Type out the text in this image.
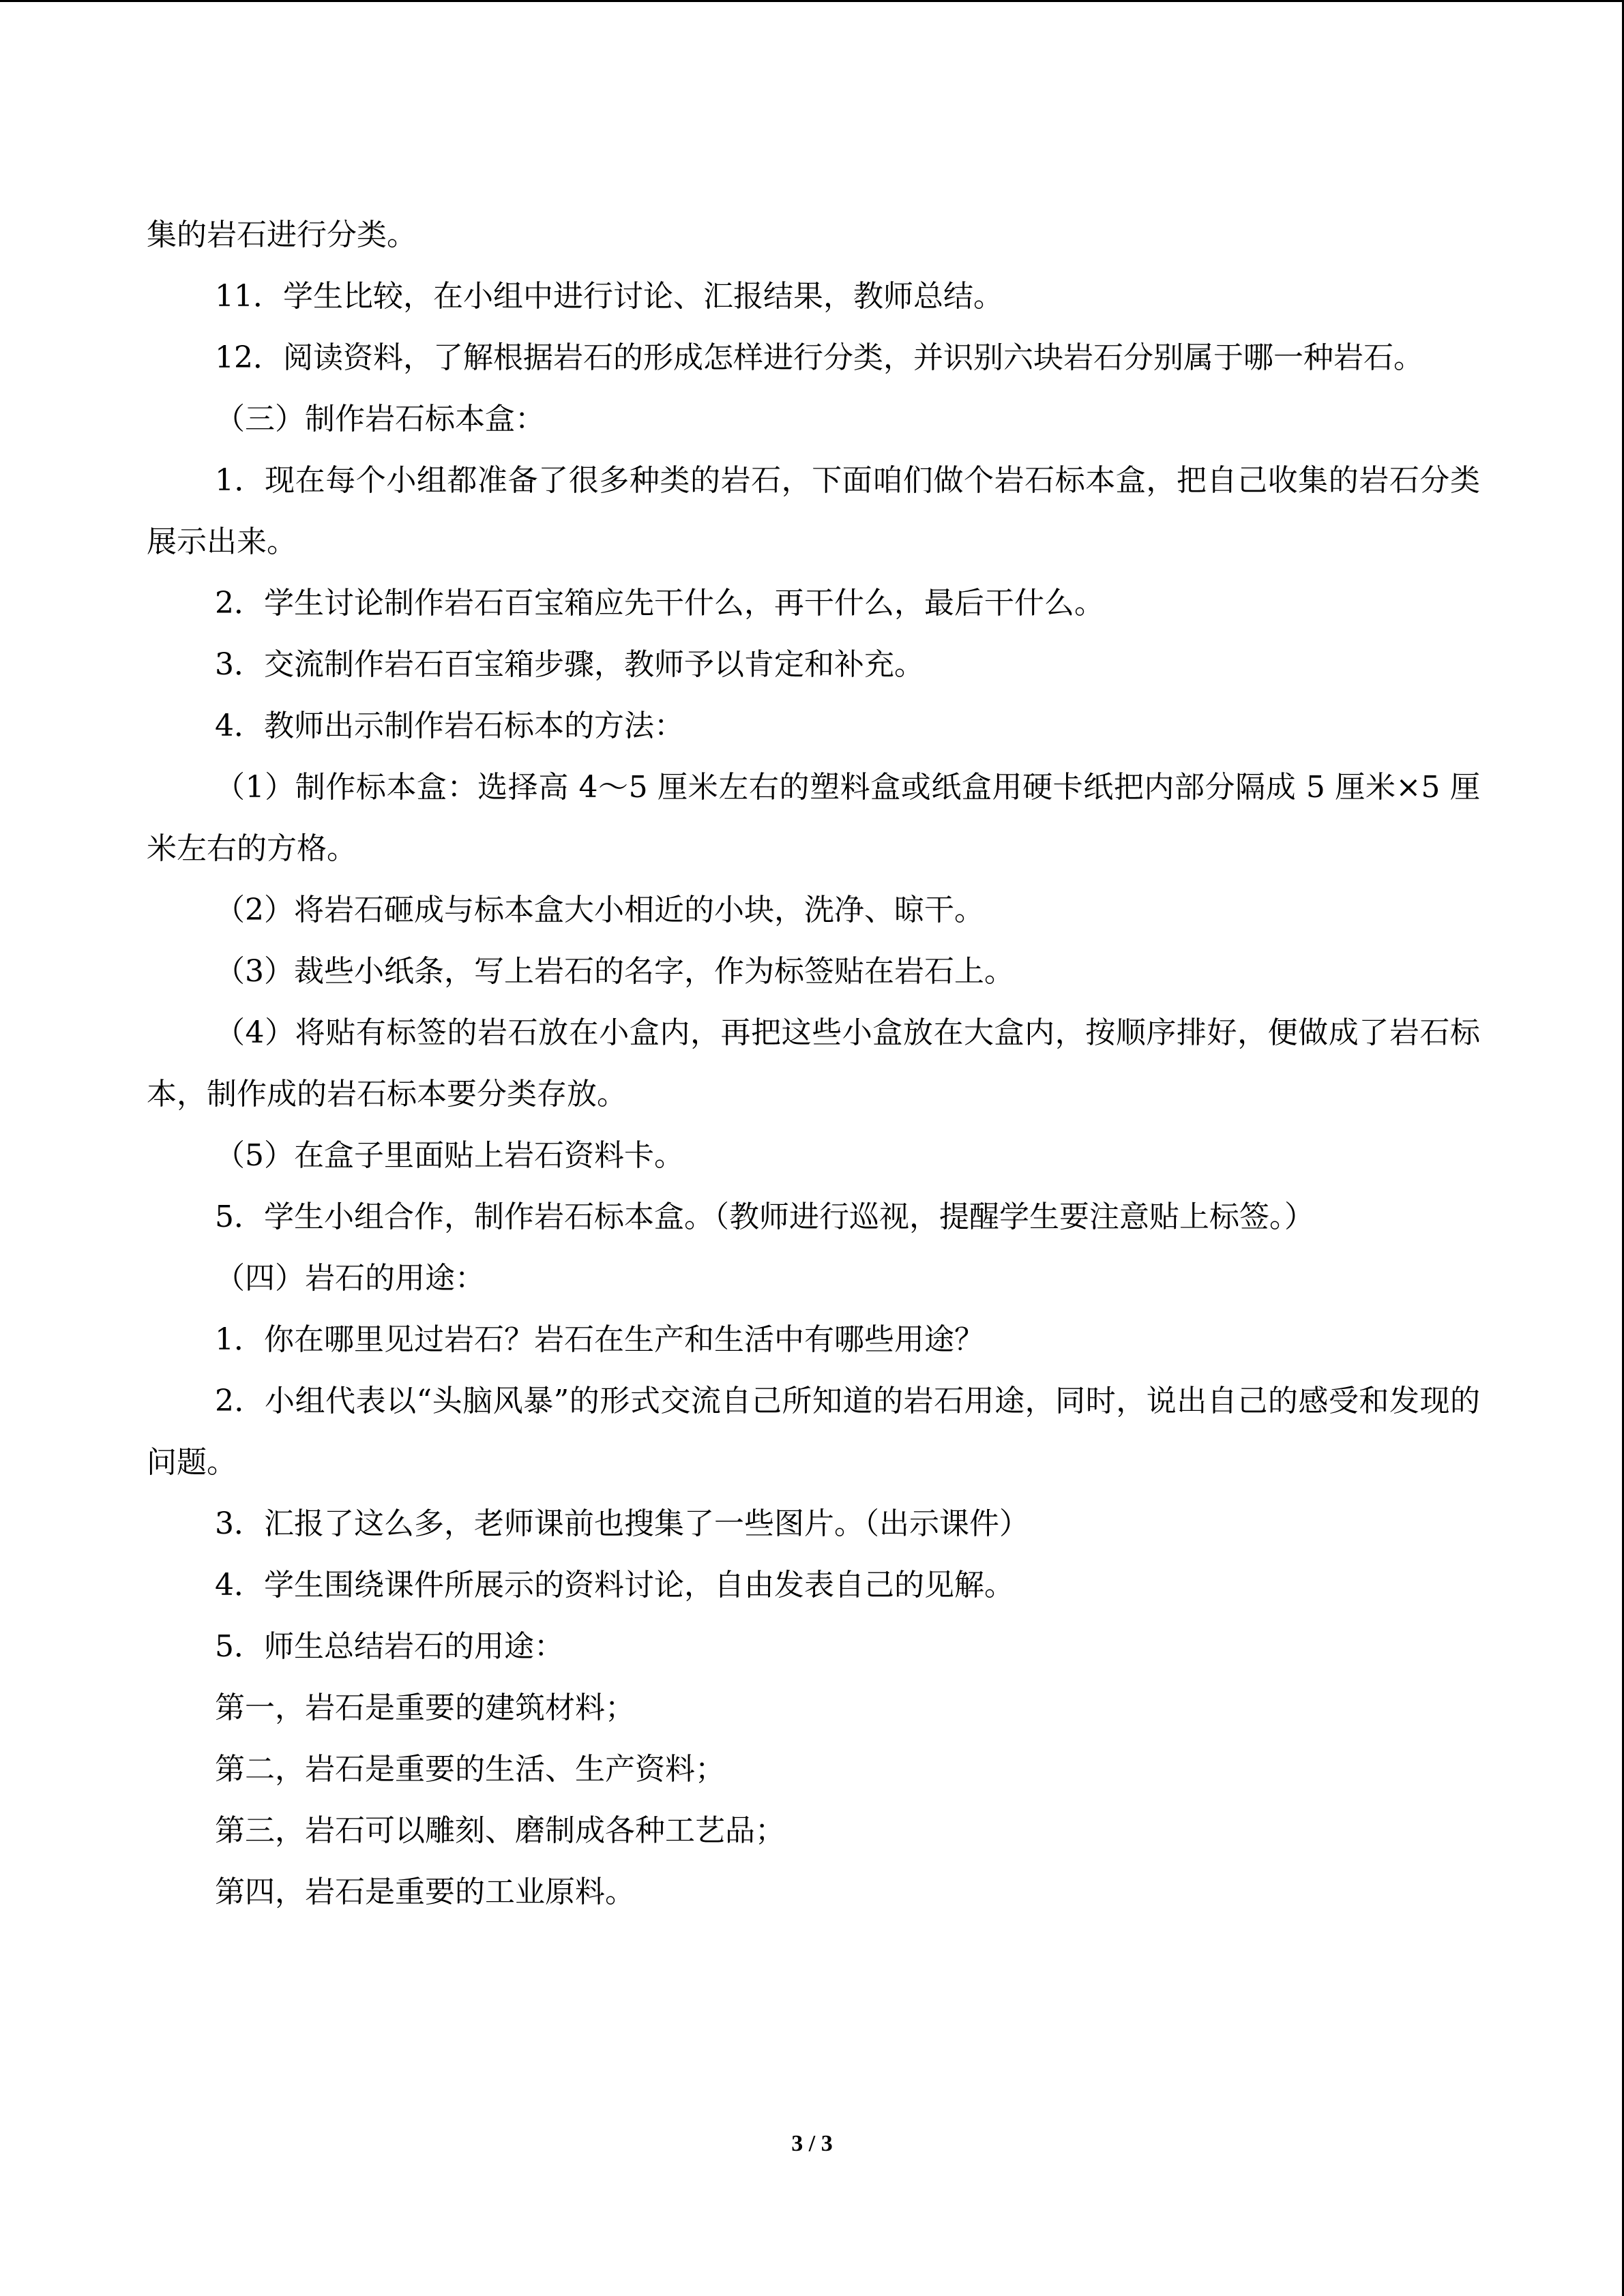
集的岩石进行分类。

11．学生比较，在小组中进行讨论、汇报结果，教师总结。

12．阅读资料，了解根据岩石的形成怎样进行分类，并识别六块岩石分别属于哪一种岩石。

（三）制作岩石标本盒：

1．现在每个小组都准备了很多种类的岩石，下面咱们做个岩石标本盒，把自己收集的岩石分类展示出来。

2．学生讨论制作岩石百宝箱应先干什么，再干什么，最后干什么。

3．交流制作岩石百宝箱步骤，教师予以肯定和补充。

4．教师出示制作岩石标本的方法：

（1）制作标本盒：选择高 4～5 厘米左右的塑料盒或纸盒用硬卡纸把内部分隔成 5 厘米×5 厘米左右的方格。

（2）将岩石砸成与标本盒大小相近的小块，洗净、晾干。

（3）裁些小纸条，写上岩石的名字，作为标签贴在岩石上。

（4）将贴有标签的岩石放在小盒内，再把这些小盒放在大盒内，按顺序排好，便做成了岩石标本，制作成的岩石标本要分类存放。

（5）在盒子里面贴上岩石资料卡。

5．学生小组合作，制作岩石标本盒。（教师进行巡视，提醒学生要注意贴上标签。）

（四）岩石的用途：

1．你在哪里见过岩石？岩石在生产和生活中有哪些用途？

2．小组代表以“头脑风暴”的形式交流自己所知道的岩石用途，同时，说出自己的感受和发现的问题。

3．汇报了这么多，老师课前也搜集了一些图片。（出示课件）

4．学生围绕课件所展示的资料讨论，自由发表自己的见解。

5．师生总结岩石的用途：

第一，岩石是重要的建筑材料；

第二，岩石是重要的生活、生产资料；

第三，岩石可以雕刻、磨制成各种工艺品；

第四，岩石是重要的工业原料。

3 / 3
